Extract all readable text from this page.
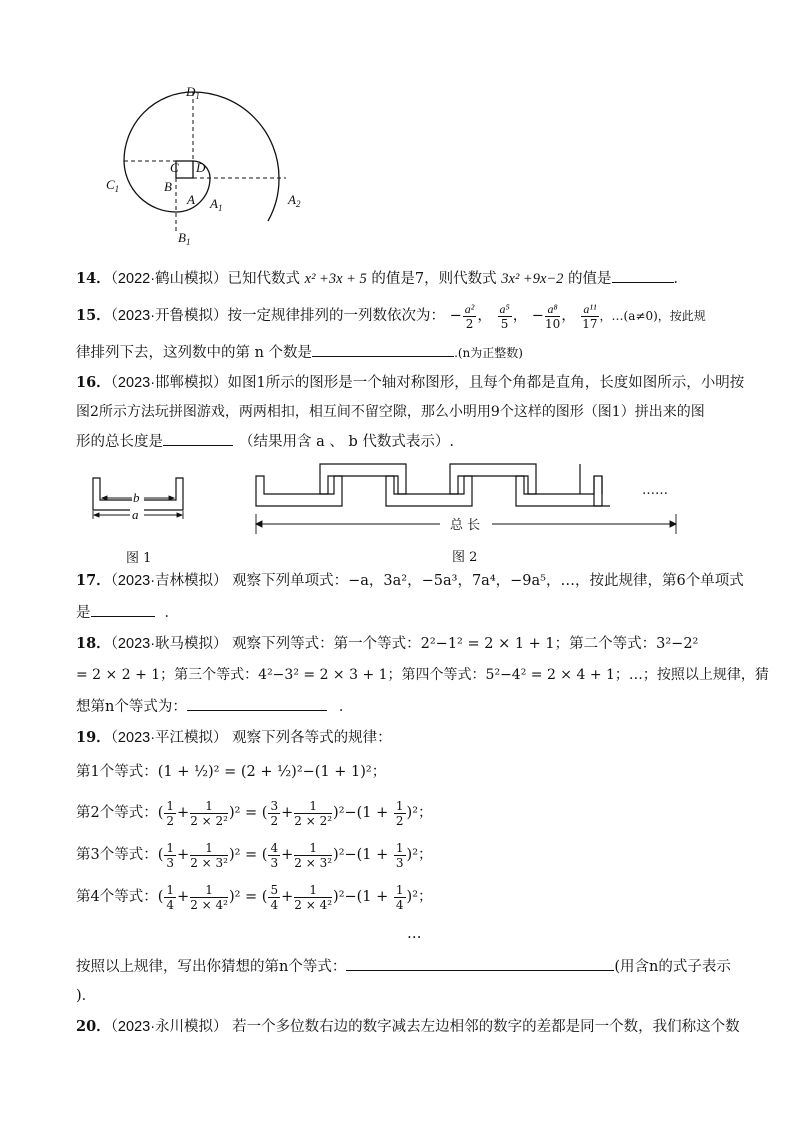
$D_1$
C D
B
$C_1$
A $A_1$
$A_2$
$B_1$
14．（2022·鹤山模拟）已知代数式 x² +3x + 5 的值是7，则代数式 3x² +9x−2 的值是	．
15．（2023·开鲁模拟）按一定规律排列的一列数依次为： − $\frac{\text{a²}}{2}$ ， $\frac{\text{a⁵}}{5}$ ， − $\frac{\text{a⁸}}{10}$ ， $\frac{\text{a¹¹}}{17}$ ，…(a≠0)，按此规
律排列下去，这列数中的第 n 个数是	.(n为正整数)
16．（2023·邯郸模拟）如图1所示的图形是一个轴对称图形，且每个角都是直角，长度如图所示，小明按
图2所示方法玩拼图游戏，两两相扣，相互间不留空隙，那么小明用9个这样的图形（图1）拼出来的图
形的总长度是	（结果用含 a 、 b 代数式表示）.
b
a
图 1
总 长
……
图 2
17．（2023·吉林模拟） 观察下列单项式：−a，3a²，−5a³，7a⁴，−9a⁵，…，按此规律，第6个单项式
是	．
18．（2023·耿马模拟） 观察下列等式：第一个等式：2²−1² = 2 × 1 + 1；第二个等式：3²−2²
= 2 × 2 + 1；第三个等式：4²−3² = 2 × 3 + 1；第四个等式：5²−4² = 2 × 4 + 1；…；按照以上规律，猜
想第n个等式为：	．
19．（2023·平江模拟） 观察下列各等式的规律：
第1个等式：(1 + ½)² = (2 + ½)²−(1 + 1)²；
第2个等式：( $\frac{1}{2} + \frac{1}{\text{2 × 2²}} )^2$ = ( $\frac{3}{2} + \frac{1}{\text{2 × 2²}} )^2-(1 + \frac{1}{2} )^2$；
第3个等式：( $\frac{1}{3} + \frac{1}{\text{2 × 3²}} )^2$ = ( $\frac{4}{3} + \frac{1}{\text{2 × 3²}} )^2-(1 + \frac{1}{3} )^2$；
第4个等式：( $\frac{1}{4} + \frac{1}{\text{2 × 4²}} )^2$ = ( $\frac{5}{4} + \frac{1}{\text{2 × 4²}} )^2-(1 + \frac{1}{4} )^2$；
…
按照以上规律，写出你猜想的第n个等式：	(用含n的式子表示
)．
20．（2023·永川模拟） 若一个多位数右边的数字减去左边相邻的数字的差都是同一个数，我们称这个数
